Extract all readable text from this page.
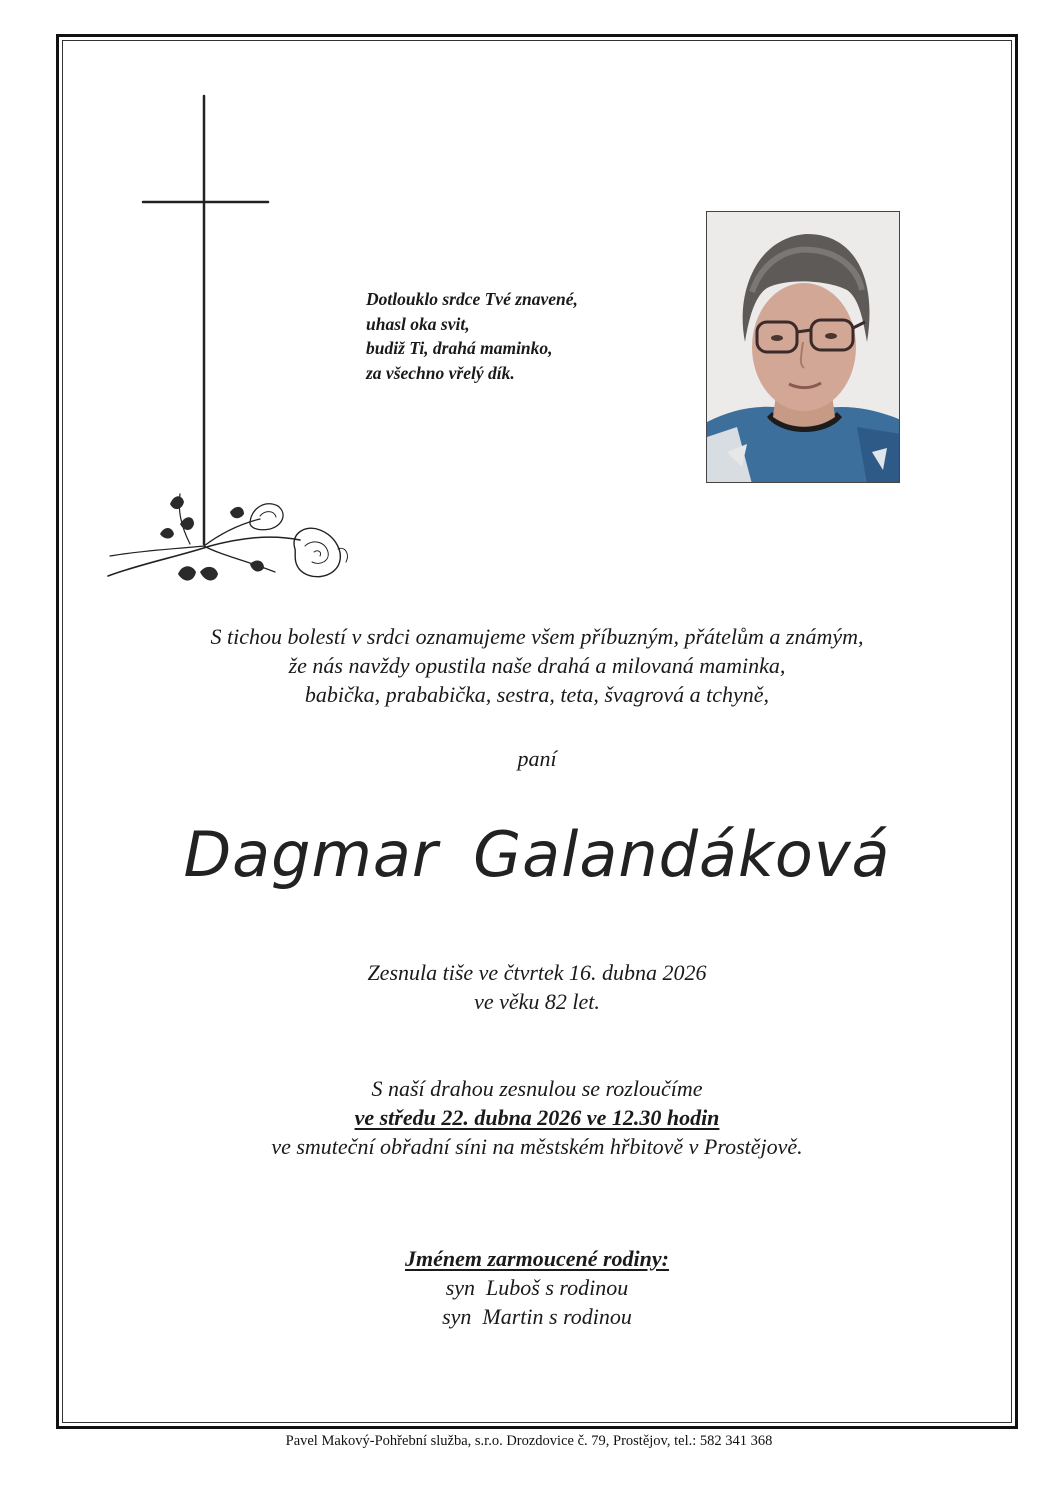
Dotlouklo srdce Tvé znavené,
uhasl oka svit,
budiž Ti, drahá maminko,
za všechno vřelý dík.
S tichou bolestí v srdci oznamujeme všem příbuzným, přátelům a známým,
že nás navždy opustila naše drahá a milovaná maminka,
babička, prababička, sestra, teta, švagrová a tchyně,
paní
Dagmar Galandáková
Zesnula tiše ve čtvrtek 16. dubna 2026
ve věku 82 let.
S naší drahou zesnulou se rozloučíme
ve středu 22. dubna 2026 ve 12.30 hodin
ve smuteční obřadní síni na městském hřbitově v Prostějově.
Jménem zarmoucené rodiny:
syn  Luboš s rodinou
syn  Martin s rodinou
Pavel Makový-Pohřební služba, s.r.o. Drozdovice č. 79, Prostějov, tel.: 582 341 368
